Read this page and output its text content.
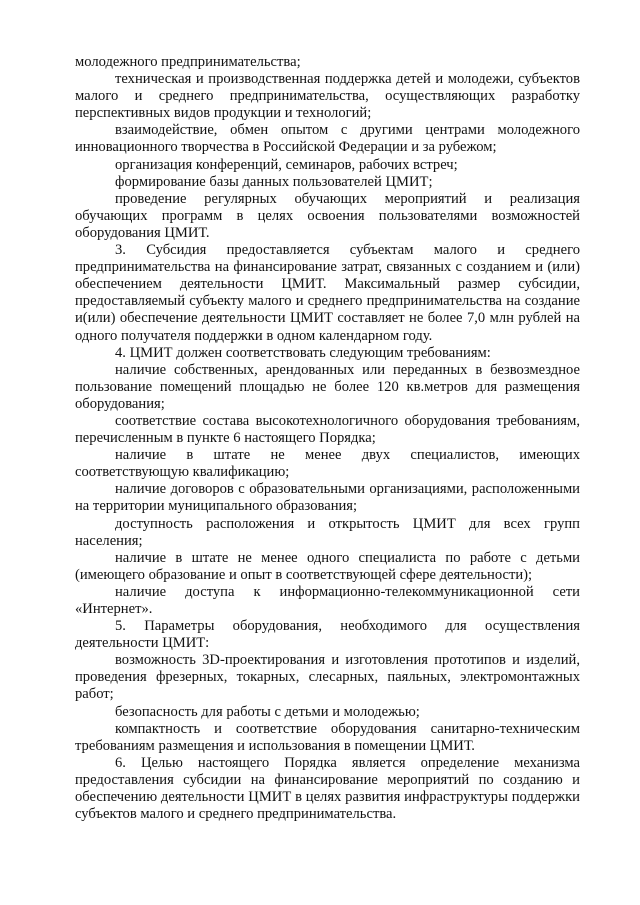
молодежного предпринимательства;

техническая и производственная поддержка детей и молодежи, субъектов малого и среднего предпринимательства, осуществляющих разработку перспективных видов продукции и технологий;

взаимодействие, обмен опытом с другими центрами молодежного инновационного творчества в Российской Федерации и за рубежом;

организация конференций, семинаров, рабочих встреч;

формирование базы данных пользователей ЦМИТ;

проведение регулярных обучающих мероприятий и реализация обучающих программ в целях освоения пользователями возможностей оборудования ЦМИТ.

3. Субсидия предоставляется субъектам малого и среднего предпринимательства на финансирование затрат, связанных с созданием и (или) обеспечением деятельности ЦМИТ. Максимальный размер субсидии, предоставляемый субъекту малого и среднего предпринимательства на создание и(или) обеспечение деятельности ЦМИТ составляет не более 7,0 млн рублей на одного получателя поддержки в одном календарном году.

4. ЦМИТ должен соответствовать следующим требованиям:

наличие собственных, арендованных или переданных в безвозмездное пользование помещений площадью не более 120 кв.метров для размещения оборудования;

соответствие состава высокотехнологичного оборудования требованиям, перечисленным в пункте 6 настоящего Порядка;

наличие в штате не менее двух специалистов, имеющих соответствующую квалификацию;

наличие договоров с образовательными организациями, расположенными на территории муниципального образования;

доступность расположения и открытость ЦМИТ для всех групп населения;

наличие в штате не менее одного специалиста по работе с детьми (имеющего образование и опыт в соответствующей сфере деятельности);

наличие доступа к информационно-телекоммуникационной сети «Интернет».

5. Параметры оборудования, необходимого для осуществления деятельности ЦМИТ:

возможность 3D-проектирования и изготовления прототипов и изделий, проведения фрезерных, токарных, слесарных, паяльных, электромонтажных работ;

безопасность для работы с детьми и молодежью;

компактность и соответствие оборудования санитарно-техническим требованиям размещения и использования в помещении ЦМИТ.

6. Целью настоящего Порядка является определение механизма предоставления субсидии на финансирование мероприятий по созданию и обеспечению деятельности ЦМИТ в целях развития инфраструктуры поддержки субъектов малого и среднего предпринимательства.
